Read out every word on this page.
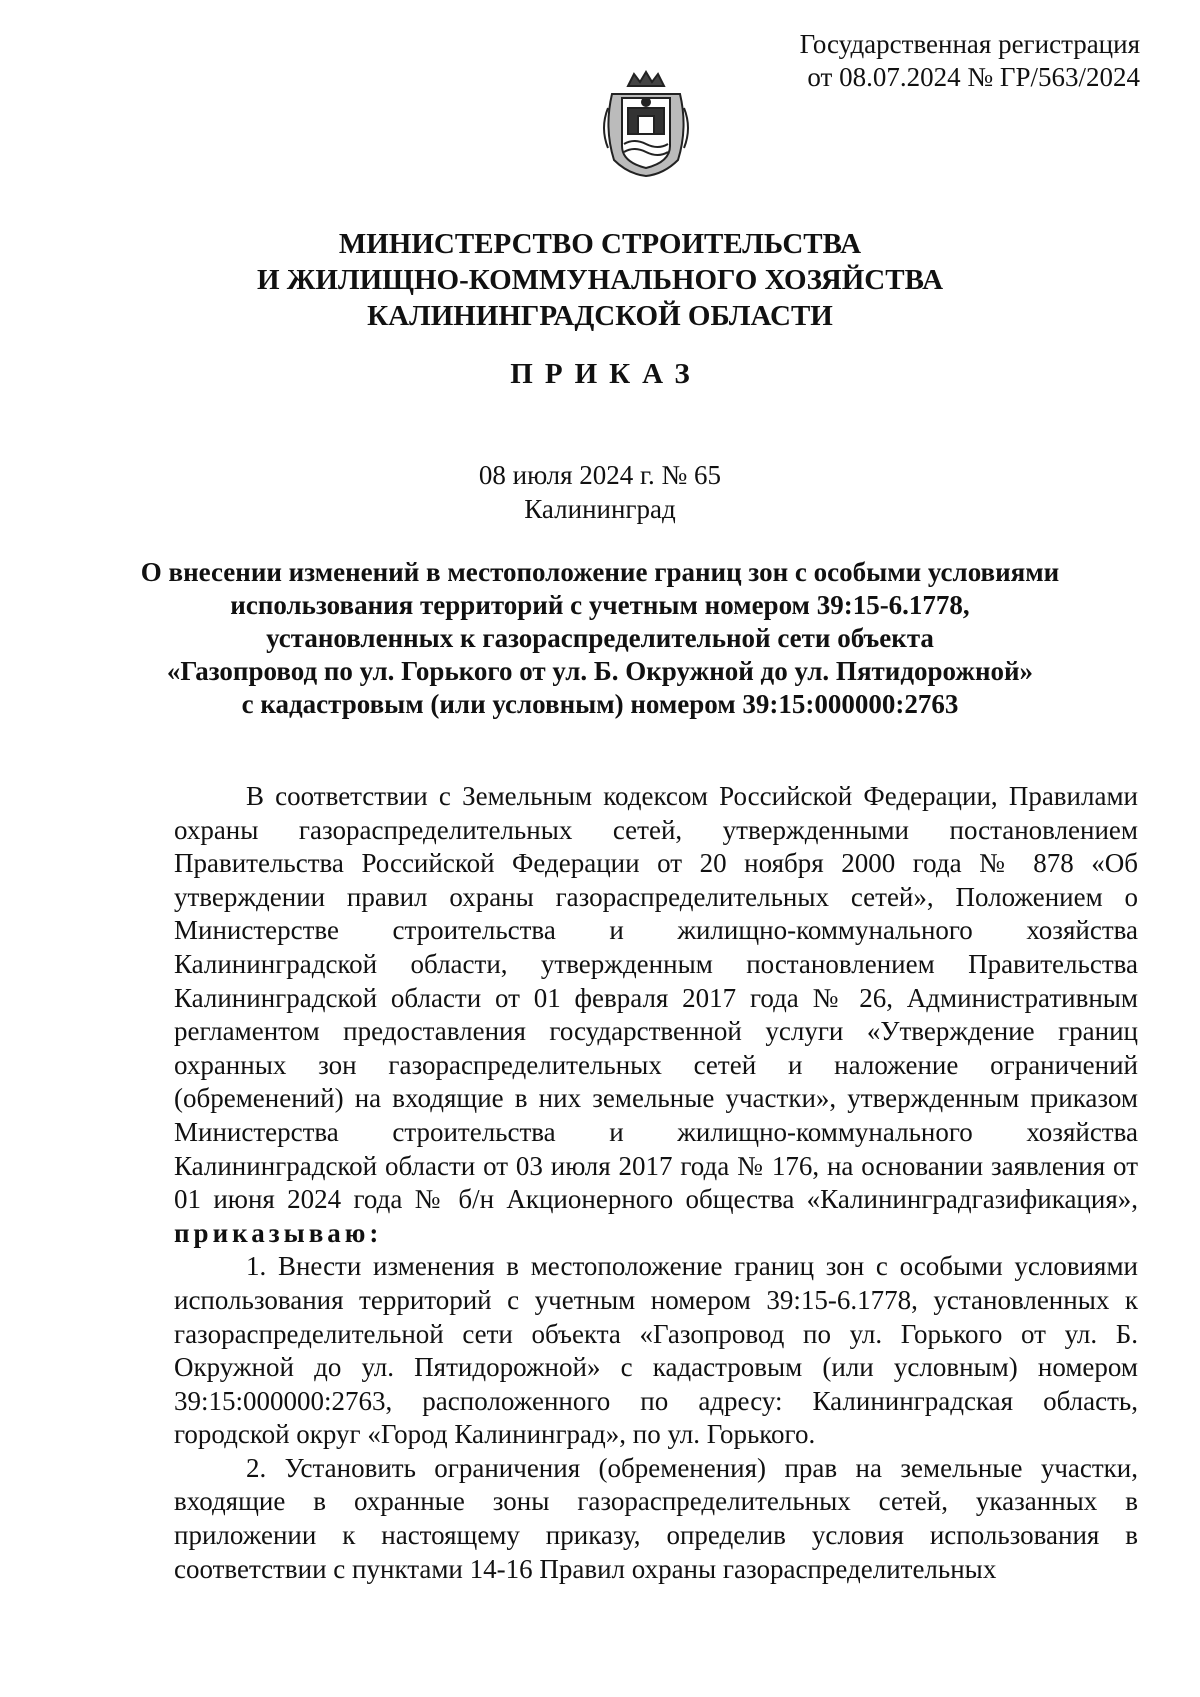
Государственная регистрация
от 08.07.2024 № ГР/563/2024
МИНИСТЕРСТВО СТРОИТЕЛЬСТВА
И ЖИЛИЩНО-КОММУНАЛЬНОГО ХОЗЯЙСТВА
КАЛИНИНГРАДСКОЙ ОБЛАСТИ
ПРИКАЗ
08 июля 2024 г. № 65
Калининград
О внесении изменений в местоположение границ зон с особыми условиями
использования территорий с учетным номером 39:15-6.1778,
установленных к газораспределительной сети объекта
«Газопровод по ул. Горького от ул. Б. Окружной до ул. Пятидорожной»
с кадастровым (или условным) номером 39:15:000000:2763

В соответствии с Земельным кодексом Российской Федерации, Правилами охраны газораспределительных сетей, утвержденными постановлением Правительства Российской Федерации от 20 ноября 2000 года № 878 «Об утверждении правил охраны газораспределительных сетей», Положением о Министерстве строительства и жилищно-коммунального хозяйства Калининградской области, утвержденным постановлением Правительства Калининградской области от 01 февраля 2017 года № 26, Административным регламентом предоставления государственной услуги «Утверждение границ охранных зон газораспределительных сетей и наложение ограничений (обременений) на входящие в них земельные участки», утвержденным приказом Министерства строительства и жилищно-коммунального хозяйства Калининградской области от 03 июля 2017 года № 176, на основании заявления от 01 июня 2024 года № б/н Акционерного общества «Калининградгазификация», приказываю:

1. Внести изменения в местоположение границ зон с особыми условиями использования территорий с учетным номером 39:15-6.1778, установленных к газораспределительной сети объекта «Газопровод по ул. Горького от ул. Б. Окружной до ул. Пятидорожной» с кадастровым (или условным) номером 39:15:000000:2763, расположенного по адресу: Калининградская область, городской округ «Город Калининград», по ул. Горького.

2. Установить ограничения (обременения) прав на земельные участки, входящие в охранные зоны газораспределительных сетей, указанных в приложении к настоящему приказу, определив условия использования в соответствии с пунктами 14-16 Правил охраны газораспределительных
